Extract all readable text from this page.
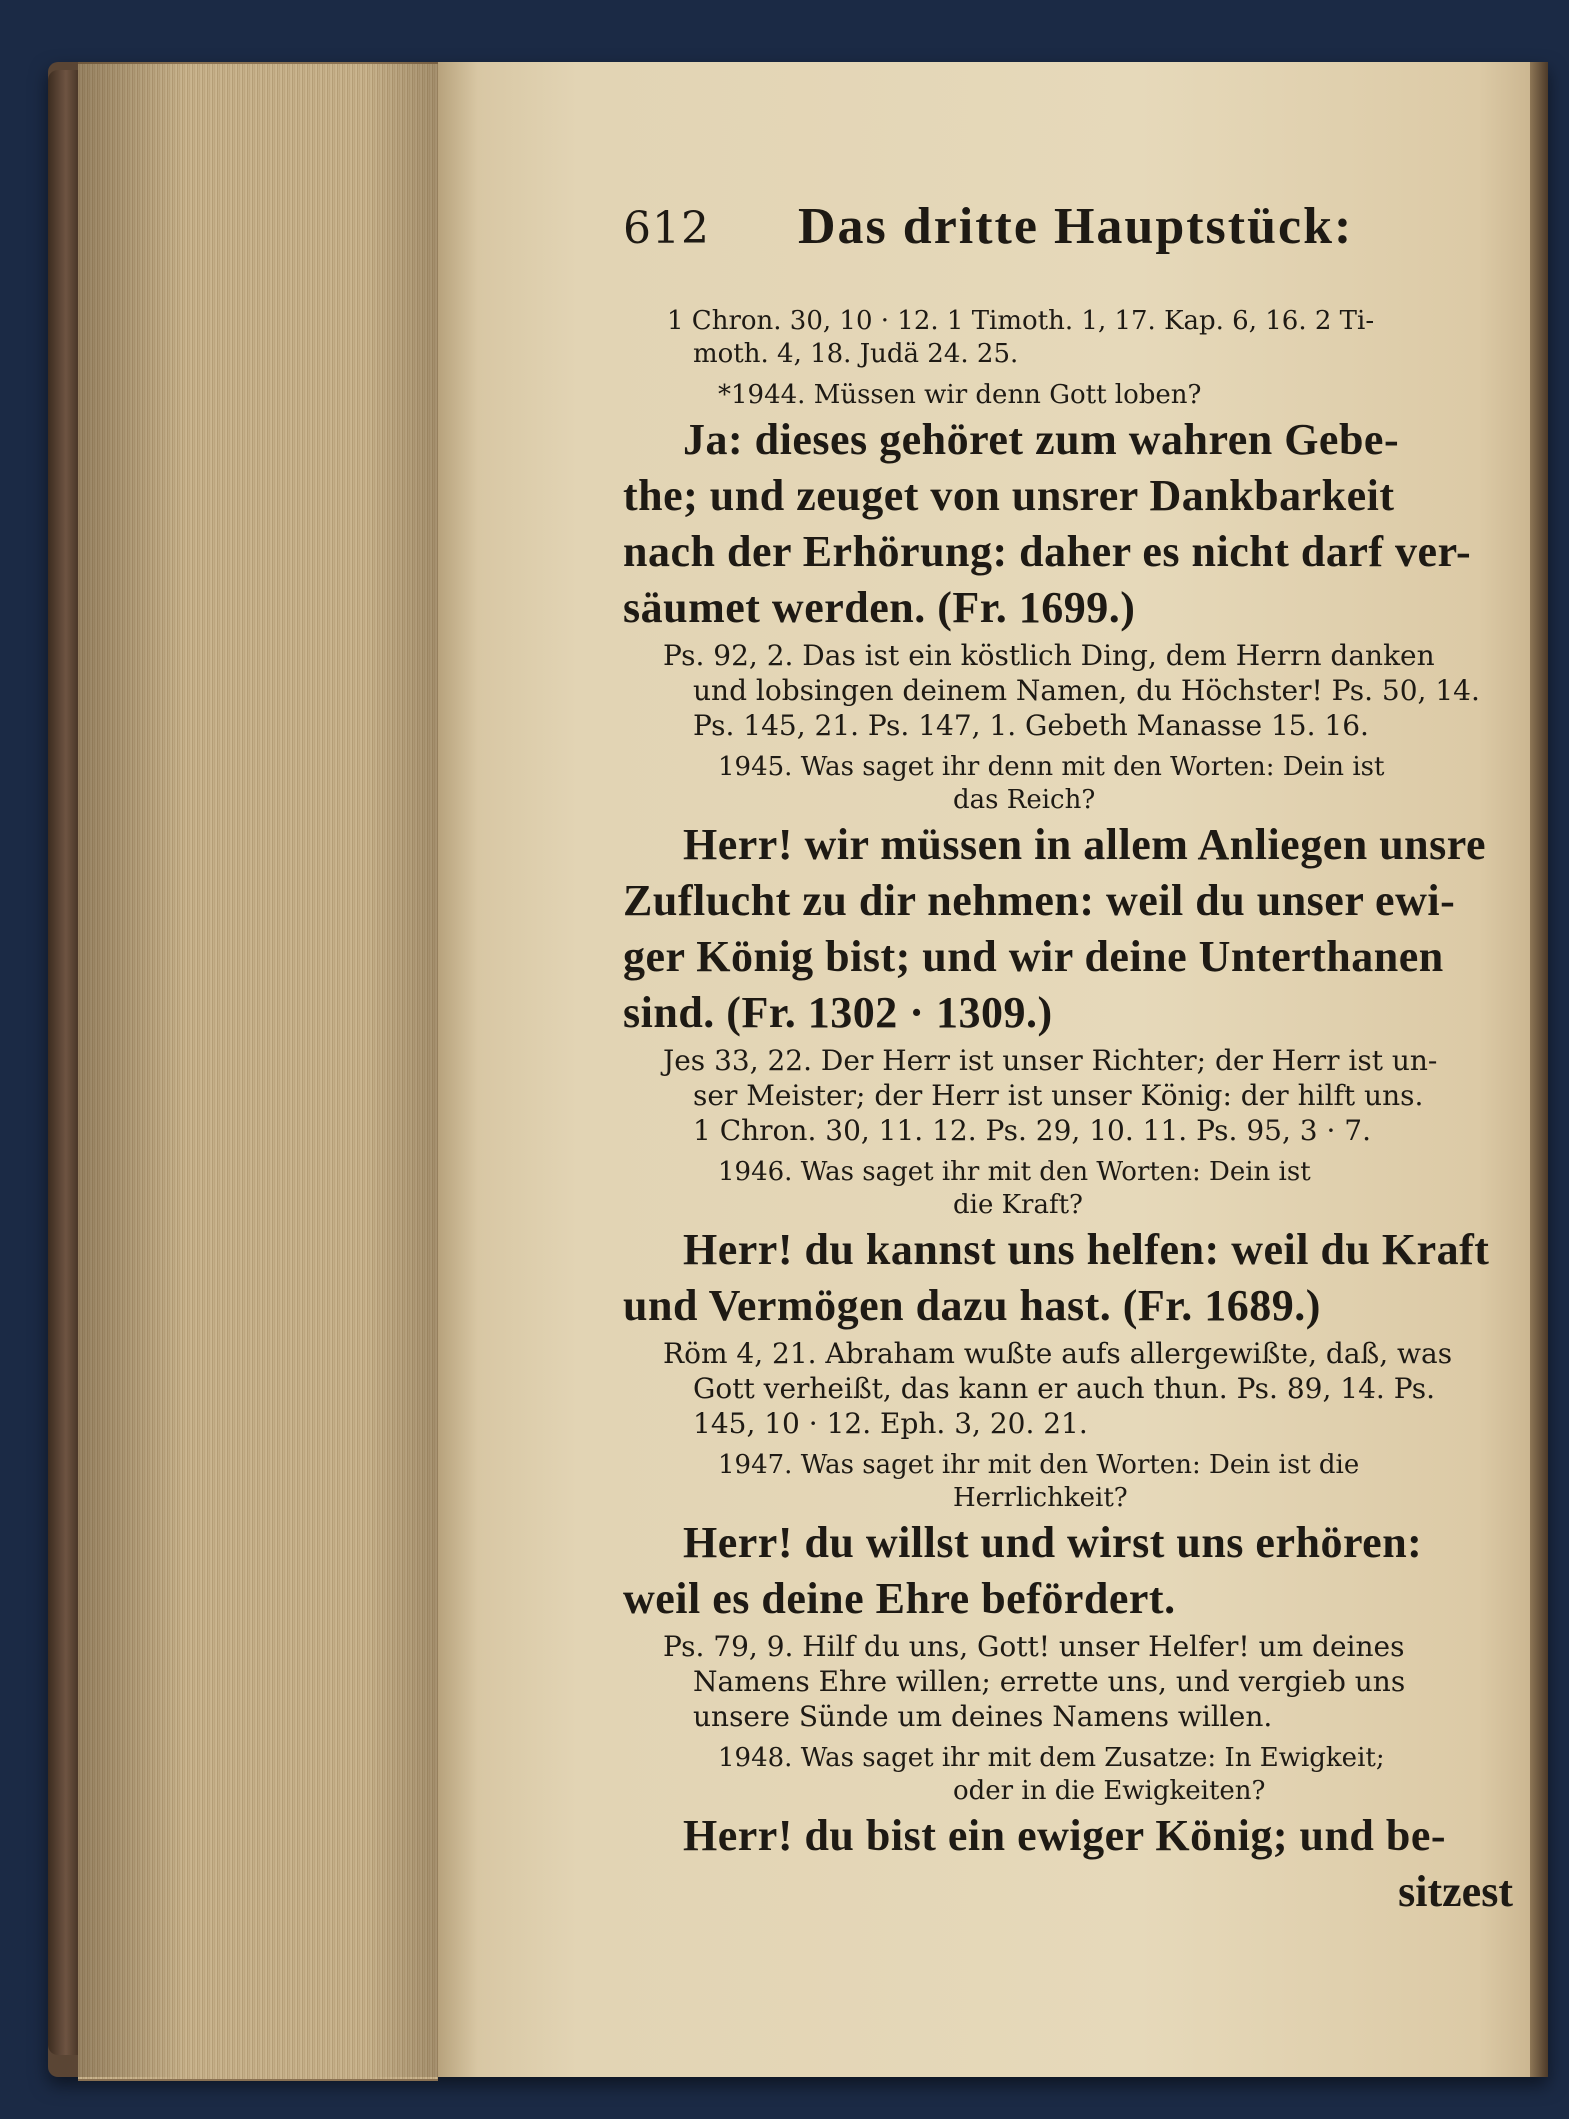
612 Das dritte Hauptstück:

1 Chron. 30, 10 · 12. 1 Timoth. 1, 17. Kap. 6, 16. 2 Ti-

moth. 4, 18. Judä 24. 25.

*1944. Müssen wir denn Gott loben?

Ja: dieses gehöret zum wahren Gebe-
the; und zeuget von unsrer Dankbarkeit
nach der Erhörung: daher es nicht darf ver-
säumet werden. (Fr. 1699.)

Ps. 92, 2. Das ist ein köstlich Ding, dem Herrn danken
und lobsingen deinem Namen, du Höchster! Ps. 50, 14.
Ps. 145, 21. Ps. 147, 1. Gebeth Manasse 15. 16.

1945. Was saget ihr denn mit den Worten: Dein ist
das Reich?

Herr! wir müssen in allem Anliegen unsre
Zuflucht zu dir nehmen: weil du unser ewi-
ger König bist; und wir deine Unterthanen
sind. (Fr. 1302 · 1309.)

Jes 33, 22. Der Herr ist unser Richter; der Herr ist un-
ser Meister; der Herr ist unser König: der hilft uns.
1 Chron. 30, 11. 12. Ps. 29, 10. 11. Ps. 95, 3 · 7.

1946. Was saget ihr mit den Worten: Dein ist
die Kraft?

Herr! du kannst uns helfen: weil du Kraft
und Vermögen dazu hast. (Fr. 1689.)

Röm 4, 21. Abraham wußte aufs allergewißte, daß, was
Gott verheißt, das kann er auch thun. Ps. 89, 14. Ps.
145, 10 · 12. Eph. 3, 20. 21.

1947. Was saget ihr mit den Worten: Dein ist die
Herrlichkeit?

Herr! du willst und wirst uns erhören:
weil es deine Ehre befördert.

Ps. 79, 9. Hilf du uns, Gott! unser Helfer! um deines
Namens Ehre willen; errette uns, und vergieb uns
unsere Sünde um deines Namens willen.

1948. Was saget ihr mit dem Zusatze: In Ewigkeit;
oder in die Ewigkeiten?

Herr! du bist ein ewiger König; und be-

sitzest
